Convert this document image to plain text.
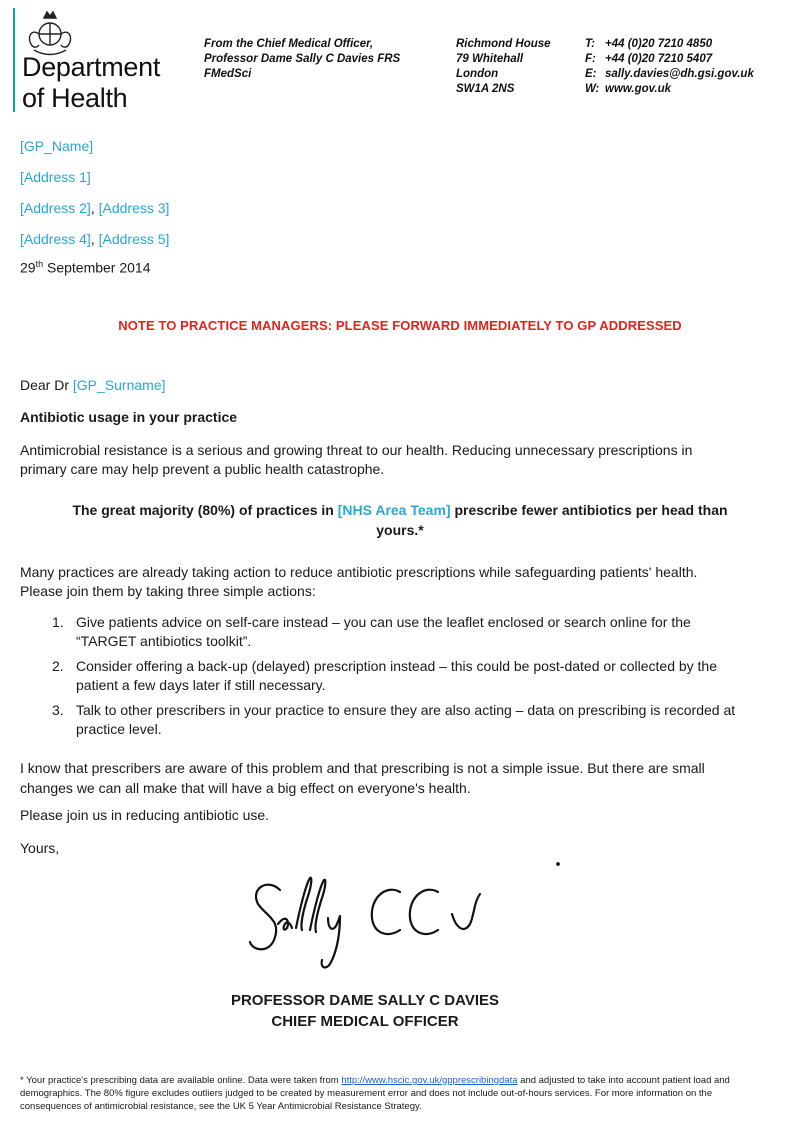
Department
of Health
From the Chief Medical Officer,
Professor Dame Sally C Davies FRS
FMedSci
Richmond House
79 Whitehall
London
SW1A 2NS
T: +44 (0)20 7210 4850
F: +44 (0)20 7210 5407
E: sally.davies@dh.gsi.gov.uk
W: www.gov.uk
[GP_Name]
[Address 1]
[Address 2], [Address 3]
[Address 4], [Address 5]
29th September 2014
NOTE TO PRACTICE MANAGERS: PLEASE FORWARD IMMEDIATELY TO GP ADDRESSED
Dear Dr [GP_Surname]
Antibiotic usage in your practice
Antimicrobial resistance is a serious and growing threat to our health. Reducing unnecessary prescriptions in primary care may help prevent a public health catastrophe.
The great majority (80%) of practices in [NHS Area Team] prescribe fewer antibiotics per head than yours.*
Many practices are already taking action to reduce antibiotic prescriptions while safeguarding patients' health. Please join them by taking three simple actions:
1. Give patients advice on self-care instead – you can use the leaflet enclosed or search online for the “TARGET antibiotics toolkit”.
2. Consider offering a back-up (delayed) prescription instead – this could be post-dated or collected by the patient a few days later if still necessary.
3. Talk to other prescribers in your practice to ensure they are also acting – data on prescribing is recorded at practice level.
I know that prescribers are aware of this problem and that prescribing is not a simple issue. But there are small changes we can all make that will have a big effect on everyone's health.
Please join us in reducing antibiotic use.
Yours,
PROFESSOR DAME SALLY C DAVIES
CHIEF MEDICAL OFFICER
* Your practice's prescribing data are available online. Data were taken from http://www.hscic.gov.uk/gpprescribingdata and adjusted to take into account patient load and demographics. The 80% figure excludes outliers judged to be created by measurement error and does not include out-of-hours services. For more information on the consequences of antimicrobial resistance, see the UK 5 Year Antimicrobial Resistance Strategy.
